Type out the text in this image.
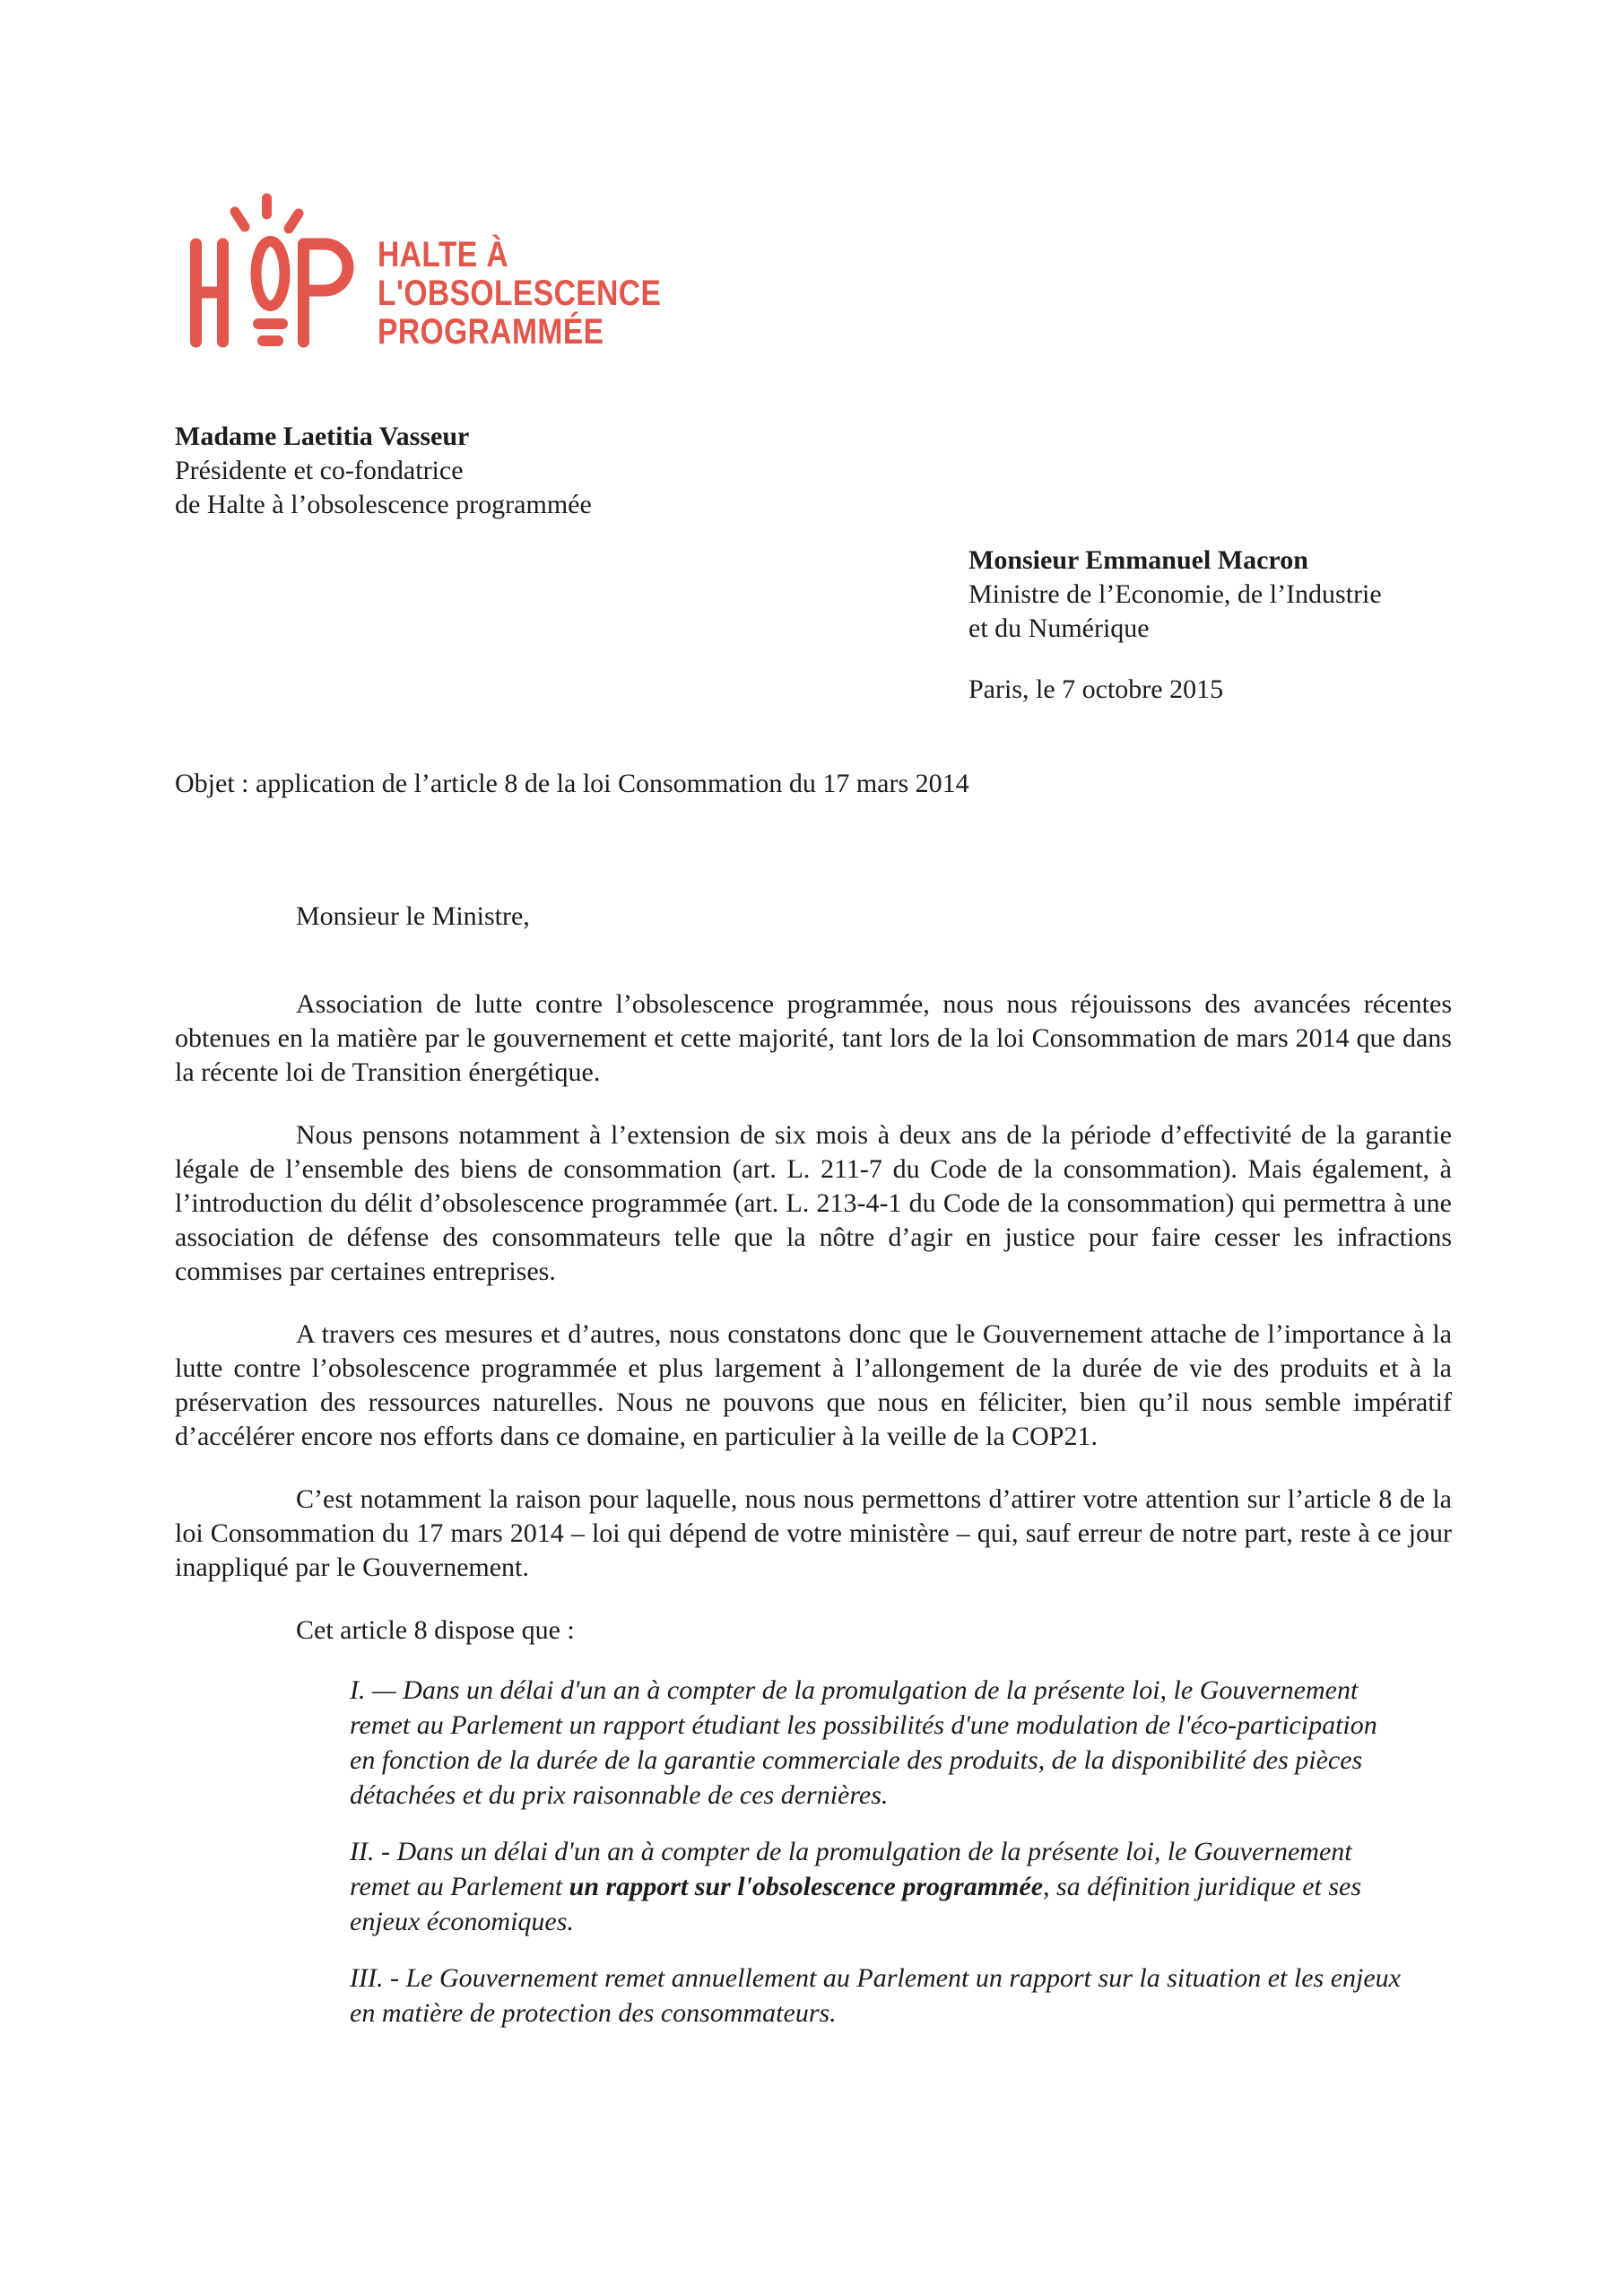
HALTE À
L'OBSOLESCENCE
PROGRAMMÉE
Madame Laetitia Vasseur
Présidente et co-fondatrice
de Halte à l’obsolescence programmée
Monsieur Emmanuel Macron
Ministre de l’Economie, de l’Industrie
et du Numérique
Paris, le 7 octobre 2015
Objet : application de l’article 8 de la loi Consommation du 17 mars 2014

Monsieur le Ministre,

Association de lutte contre l’obsolescence programmée, nous nous réjouissons des avancées récentes obtenues en la matière par le gouvernement et cette majorité, tant lors de la loi Consommation de mars 2014 que dans la récente loi de Transition énergétique.

Nous pensons notamment à l’extension de six mois à deux ans de la période d’effectivité de la garantie légale de l’ensemble des biens de consommation (art. L. 211-7 du Code de la consommation). Mais également, à l’introduction du délit d’obsolescence programmée (art. L. 213-4-1 du Code de la consommation) qui permettra à une association de défense des consommateurs telle que la nôtre d’agir en justice pour faire cesser les infractions commises par certaines entreprises.

A travers ces mesures et d’autres, nous constatons donc que le Gouvernement attache de l’importance à la lutte contre l’obsolescence programmée et plus largement à l’allongement de la durée de vie des produits et à la préservation des ressources naturelles. Nous ne pouvons que nous en féliciter, bien qu’il nous semble impératif d’accélérer encore nos efforts dans ce domaine, en particulier à la veille de la COP21.

C’est notamment la raison pour laquelle, nous nous permettons d’attirer votre attention sur l’article 8 de la loi Consommation du 17 mars 2014 – loi qui dépend de votre ministère – qui, sauf erreur de notre part, reste à ce jour inappliqué par le Gouvernement.

Cet article 8 dispose que :

I. — Dans un délai d'un an à compter de la promulgation de la présente loi, le Gouvernement remet au Parlement un rapport étudiant les possibilités d'une modulation de l'éco-participation en fonction de la durée de la garantie commerciale des produits, de la disponibilité des pièces détachées et du prix raisonnable de ces dernières.

II. - Dans un délai d'un an à compter de la promulgation de la présente loi, le Gouvernement remet au Parlement un rapport sur l'obsolescence programmée, sa définition juridique et ses enjeux économiques.

III. - Le Gouvernement remet annuellement au Parlement un rapport sur la situation et les enjeux en matière de protection des consommateurs.
